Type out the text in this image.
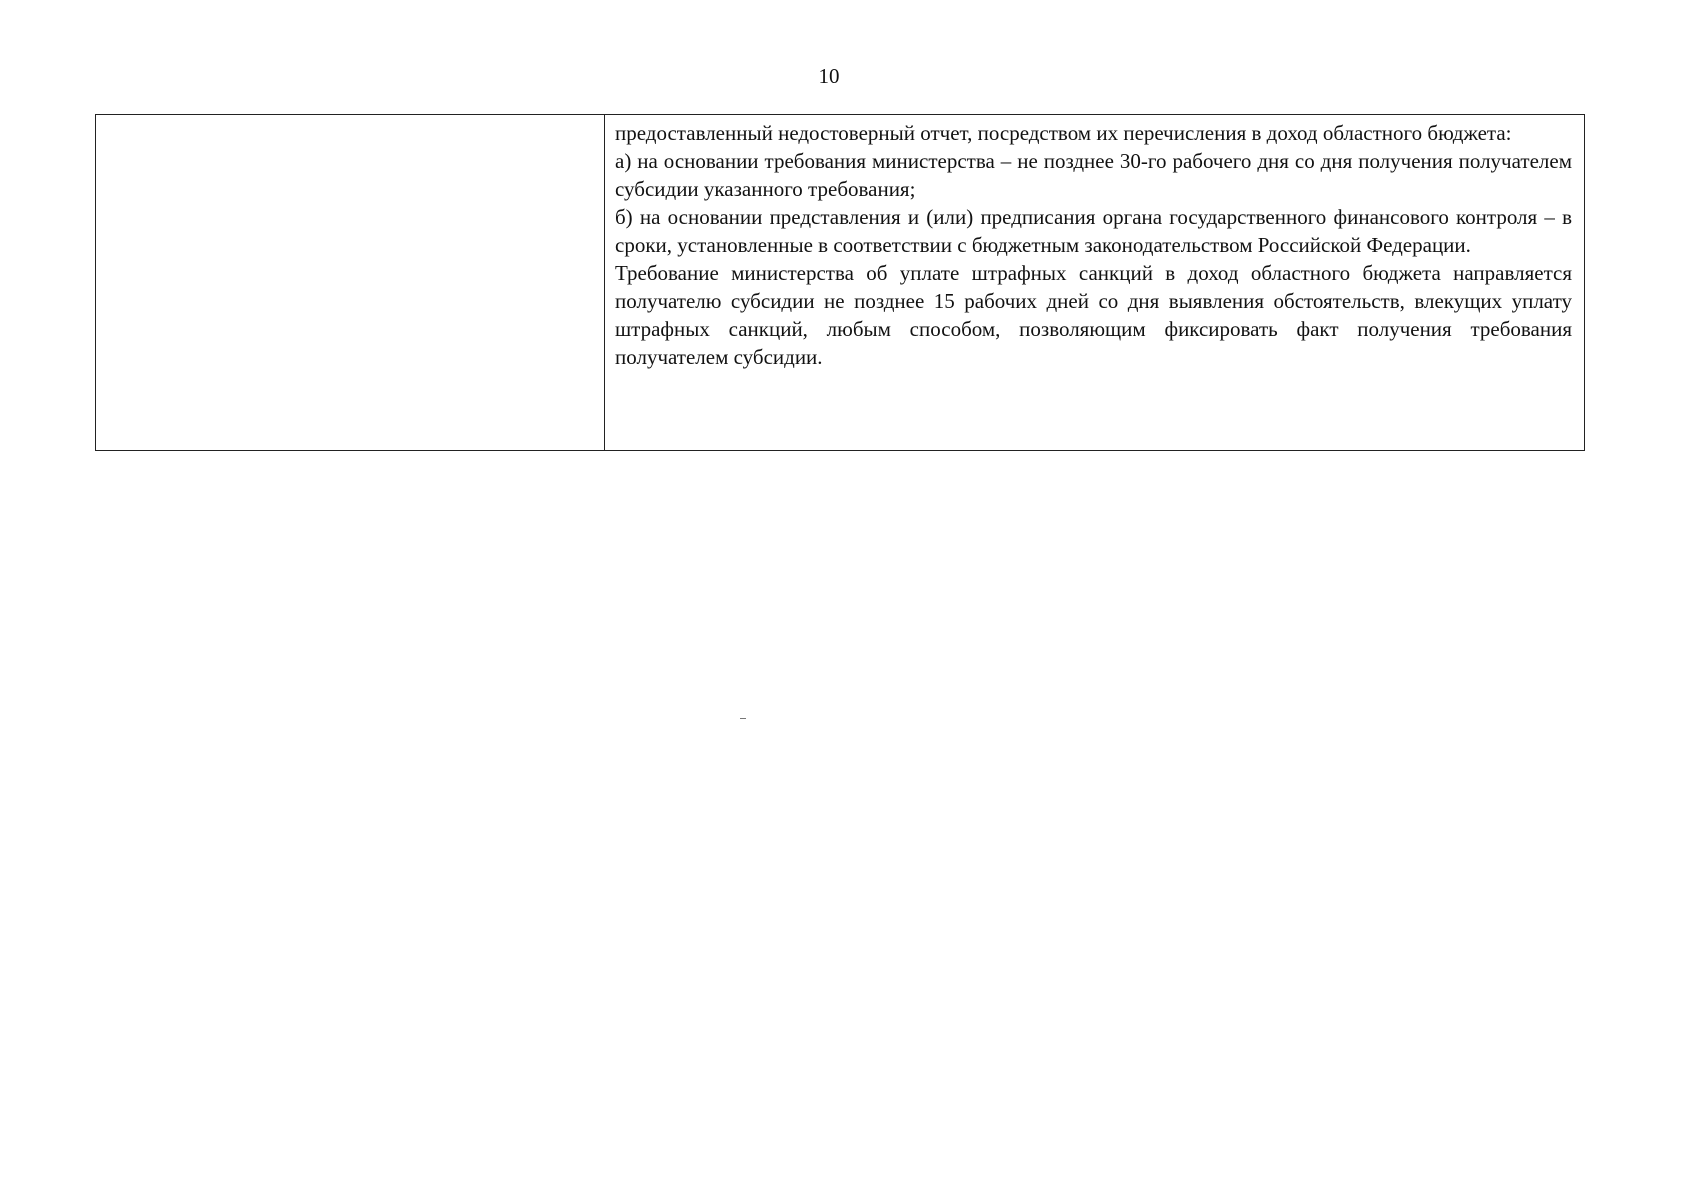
10

предоставленный недостоверный отчет, посредством их перечисления в доход областного бюджета:

а) на основании требования министерства – не позднее 30-го рабочего дня со дня получения получателем субсидии указанного требования;

б) на основании представления и (или) предписания органа государственного финансового контроля – в сроки, установленные в соответствии с бюджетным законодательством Российской Федерации.

Требование министерства об уплате штрафных санкций в доход областного бюджета направляется получателю субсидии не позднее 15 рабочих дней со дня выявления обстоятельств, влекущих уплату штрафных санкций, любым способом, позволяющим фиксировать факт получения требования получателем субсидии.
